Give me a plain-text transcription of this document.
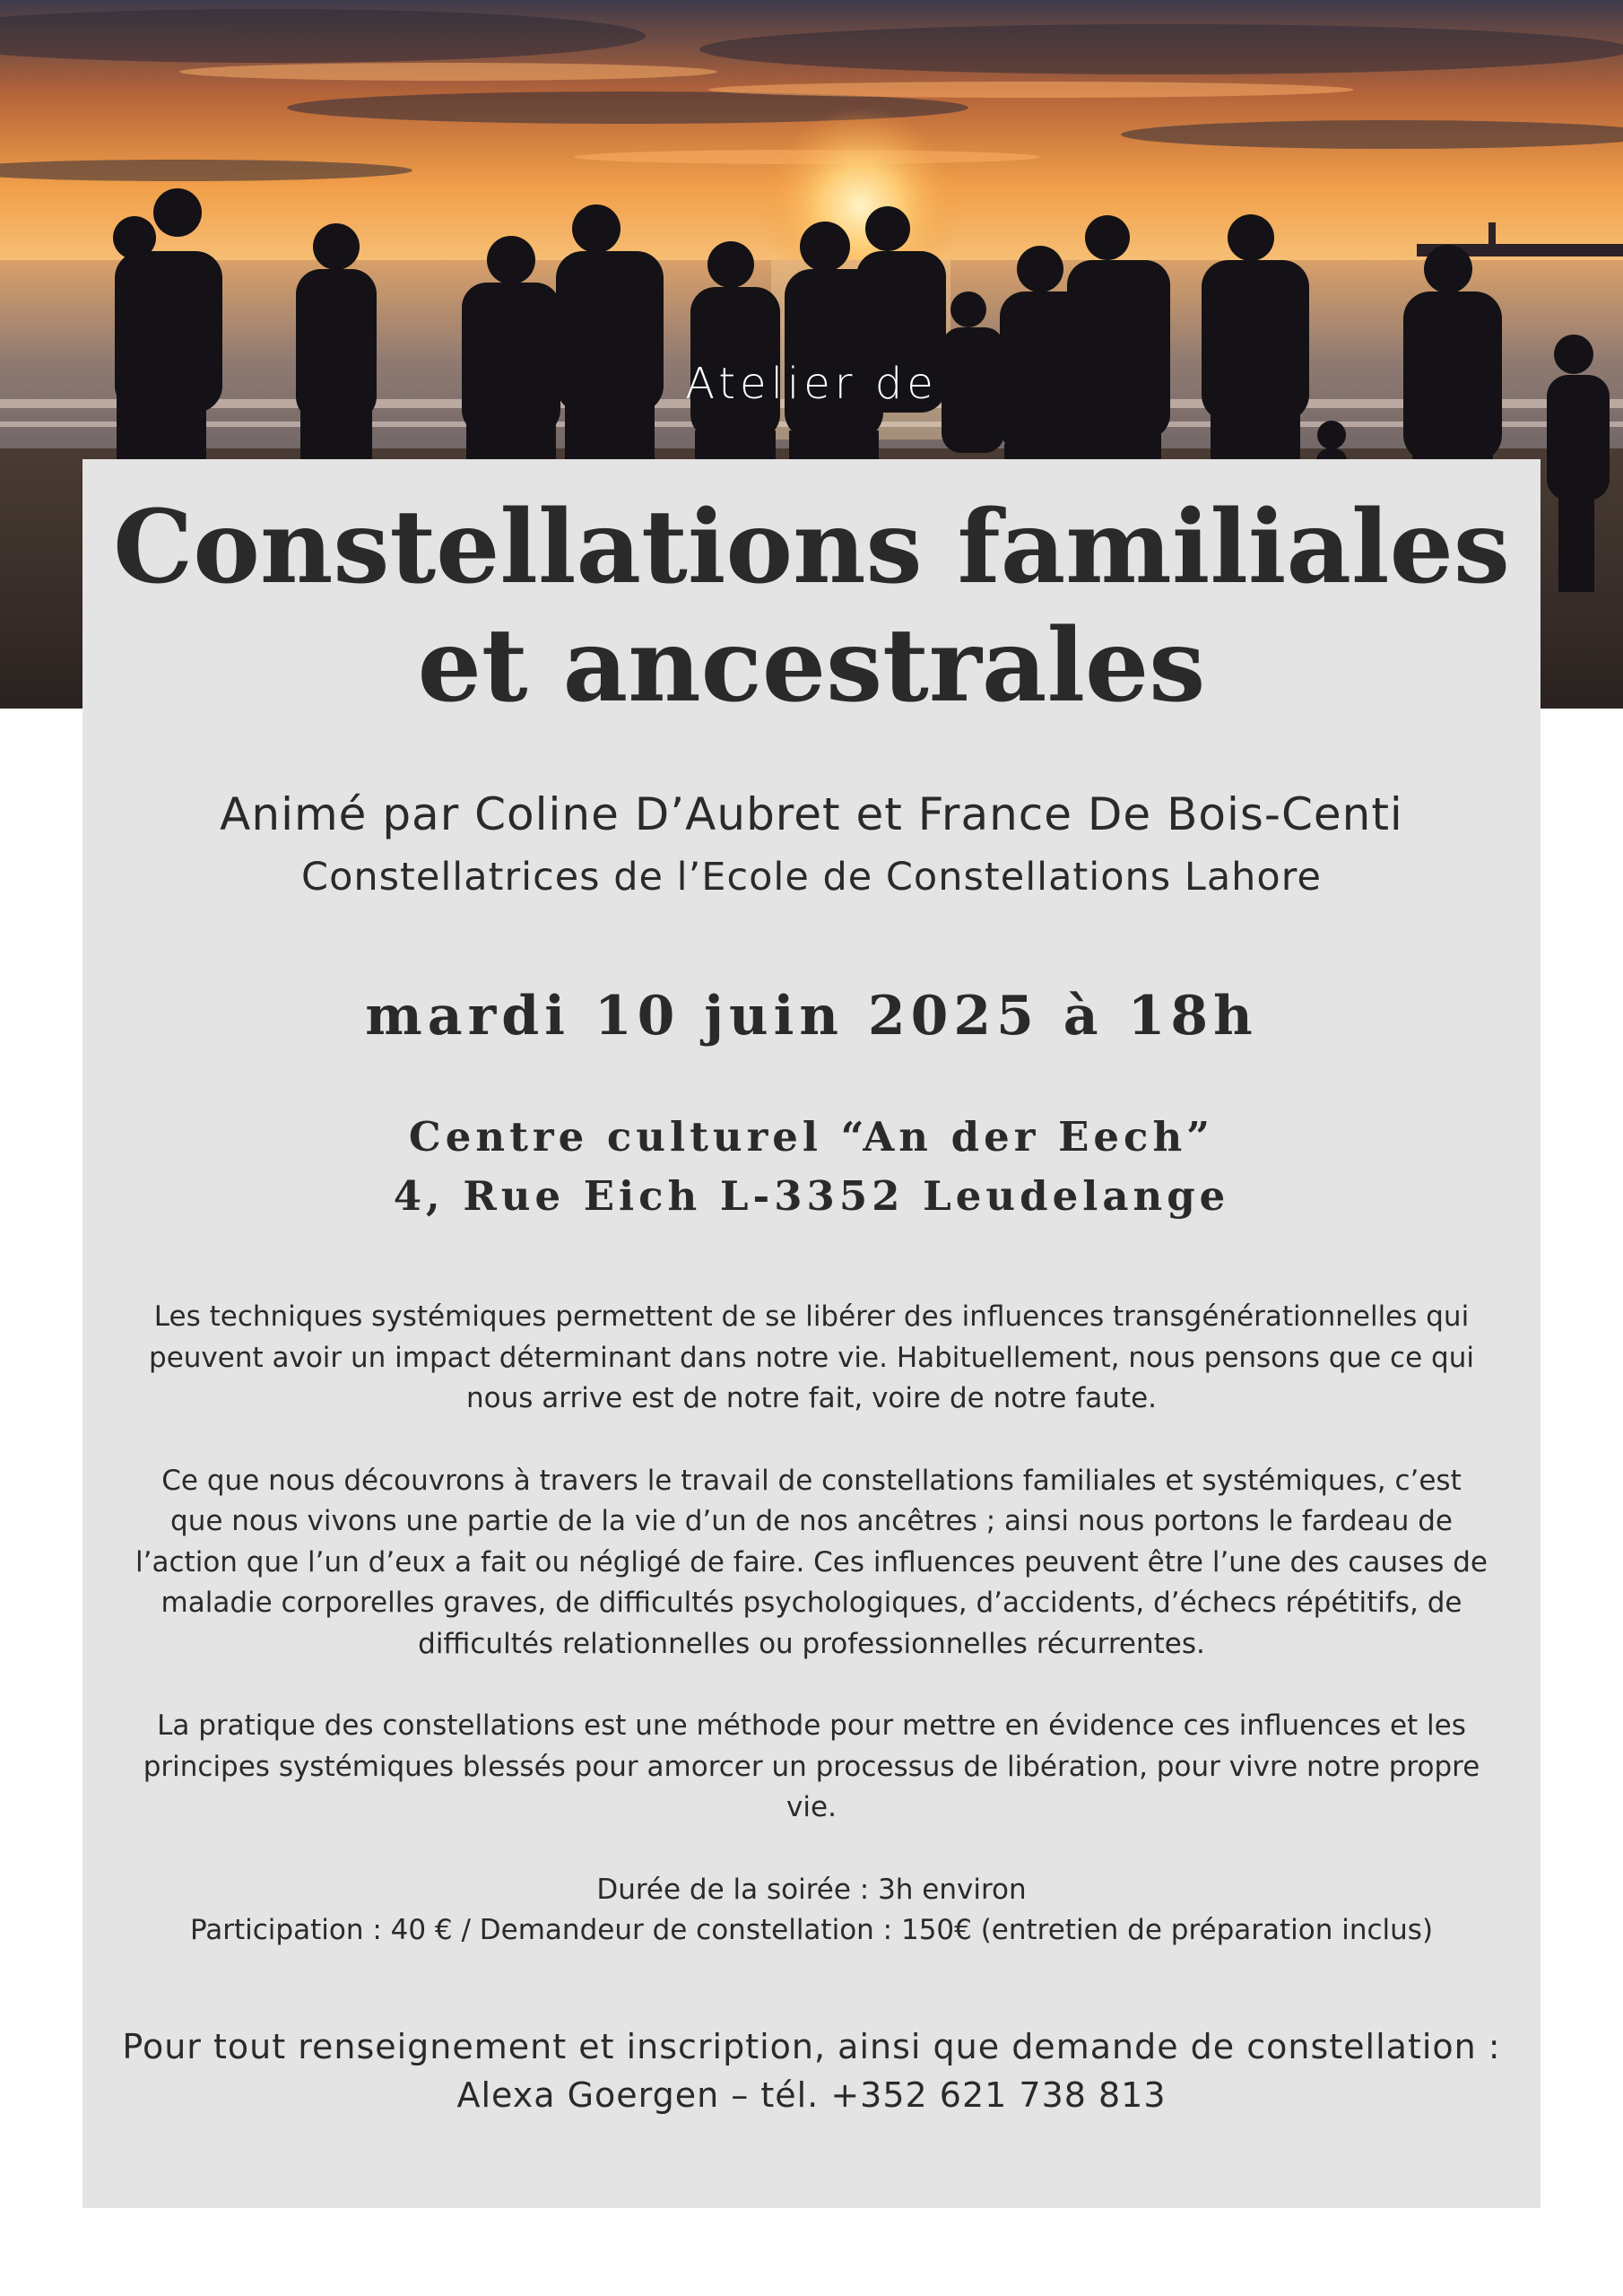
Atelier de
Constellations familiales
et ancestrales
Animé par Coline D’Aubret et France De Bois-Centi
Constellatrices de l’Ecole de Constellations Lahore
mardi 10 juin 2025 à 18h
Centre culturel “An der Eech”
4, Rue Eich L-3352 Leudelange

Les techniques systémiques permettent de se libérer des influences transgénérationnelles qui peuvent avoir un impact déterminant dans notre vie. Habituellement, nous pensons que ce qui nous arrive est de notre fait, voire de notre faute.

Ce que nous découvrons à travers le travail de constellations familiales et systémiques, c’est que nous vivons une partie de la vie d’un de nos ancêtres ; ainsi nous portons le fardeau de l’action que l’un d’eux a fait ou négligé de faire. Ces influences peuvent être l’une des causes de maladie corporelles graves, de difficultés psychologiques, d’accidents, d’échecs répétitifs, de difficultés relationnelles ou professionnelles récurrentes.

La pratique des constellations est une méthode pour mettre en évidence ces influences et les principes systémiques blessés pour amorcer un processus de libération, pour vivre notre propre vie.

Durée de la soirée : 3h environ
Participation : 40 € / Demandeur de constellation : 150€ (entretien de préparation inclus)

Pour tout renseignement et inscription, ainsi que demande de constellation :
Alexa Goergen – tél. +352 621 738 813
